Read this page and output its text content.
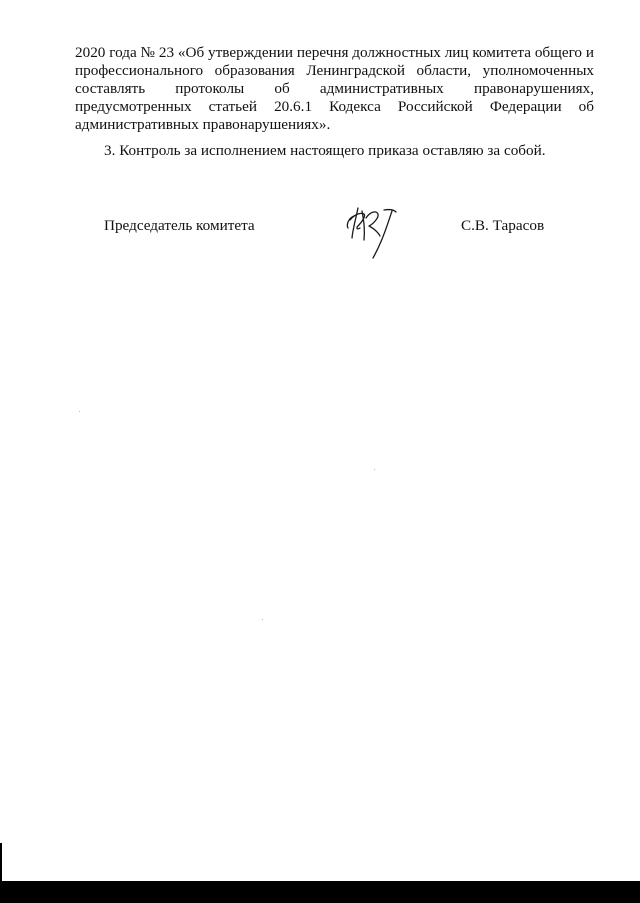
2020 года № 23 «Об утверждении перечня должностных лиц комитета общего и профессионального образования Ленинградской области, уполномоченных составлять протоколы об административных правонарушениях, предусмотренных статьей 20.6.1 Кодекса Российской Федерации об административных правонарушениях».

3. Контроль за исполнением настоящего приказа оставляю за собой.

Председатель комитета	С.В. Тарасов
